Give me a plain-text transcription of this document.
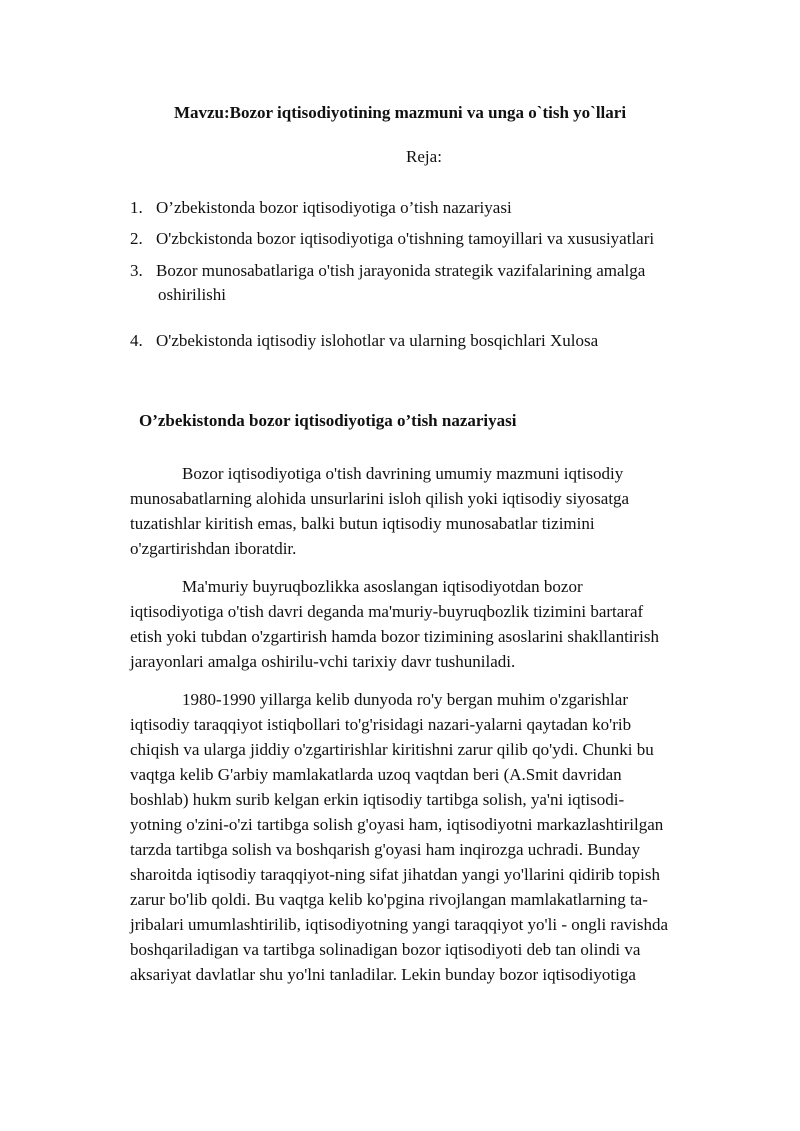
Mavzu:Bozor iqtisodiyotining mazmuni va unga o`tish yo`llari
Reja:
1. O’zbekistonda bozor iqtisodiyotiga o’tish nazariyasi
2. O'zbckistonda bozor iqtisodiyotiga o'tishning tamoyillari va xususiyatlari
3. Bozor munosabatlariga o'tish jarayonida strategik vazifalarining amalga
oshirilishi
4. O'zbekistonda iqtisodiy islohotlar va ularning bosqichlari Xulosa
O’zbekistonda bozor iqtisodiyotiga o’tish nazariyasi

Bozor iqtisodiyotiga o'tish davrining umumiy mazmuni iqtisodiy
munosabatlarning alohida unsurlarini isloh qilish yoki iqtisodiy siyosatga
tuzatishlar kiritish emas, balki butun iqtisodiy munosabatlar tizimini
o'zgartirishdan iboratdir.

Ma'muriy buyruqbozlikka asoslangan iqtisodiyotdan bozor
iqtisodiyotiga o'tish davri deganda ma'muriy-buyruqbozlik tizimini bartaraf
etish yoki tubdan o'zgartirish hamda bozor tizimining asoslarini shakllantirish
jarayonlari amalga oshirilu-vchi tarixiy davr tushuniladi.

1980-1990 yillarga kelib dunyoda ro'y bergan muhim o'zgarishlar
iqtisodiy taraqqiyot istiqbollari to'g'risidagi nazari-yalarni qaytadan ko'rib
chiqish va ularga jiddiy o'zgartirishlar kiritishni zarur qilib qo'ydi. Chunki bu
vaqtga kelib G'arbiy mamlakatlarda uzoq vaqtdan beri (A.Smit davridan
boshlab) hukm surib kelgan erkin iqtisodiy tartibga solish, ya'ni iqtisodi-
yotning o'zini-o'zi tartibga solish g'oyasi ham, iqtisodiyotni markazlashtirilgan
tarzda tartibga solish va boshqarish g'oyasi ham inqirozga uchradi. Bunday
sharoitda iqtisodiy taraqqiyot-ning sifat jihatdan yangi yo'llarini qidirib topish
zarur bo'lib qoldi. Bu vaqtga kelib ko'pgina rivojlangan mamlakatlarning ta-
jribalari umumlashtirilib, iqtisodiyotning yangi taraqqiyot yo'li - ongli ravishda
boshqariladigan va tartibga solinadigan bozor iqtisodiyoti deb tan olindi va
aksariyat davlatlar shu yo'lni tanladilar. Lekin bunday bozor iqtisodiyotiga
